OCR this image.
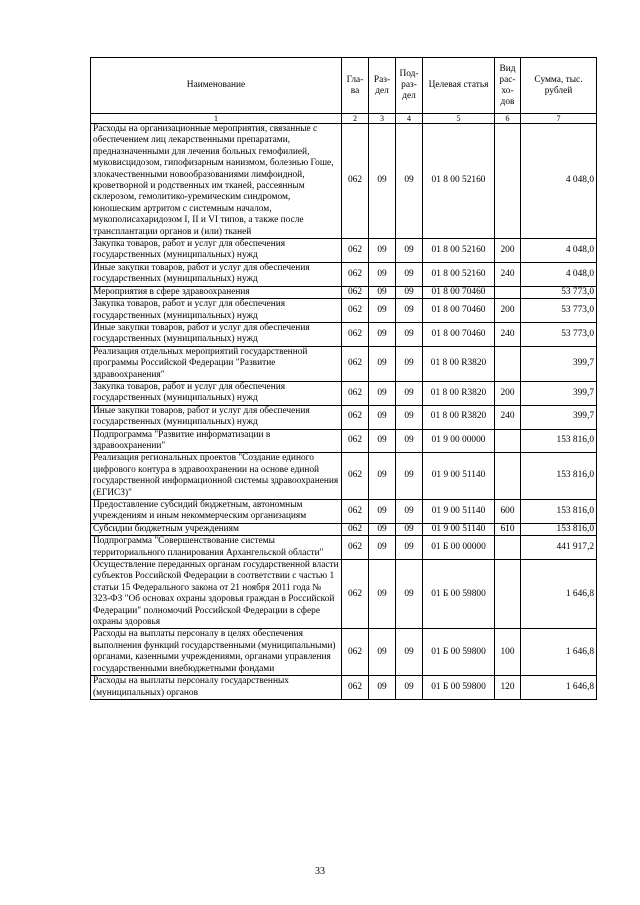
Наименование	Гла-ва	Раз-дел	Под-раз-дел	Целевая статья	Вид рас-хо-дов	Сумма, тыс. рублей
1	2	3	4	5	6	7
Расходы на организационные мероприятия, связанные с обеспечением лиц лекарственными препаратами, предназначенными для лечения больных гемофилией, муковисцидозом, гипофизарным нанизмом, болезнью Гоше, злокачественными новообразованиями лимфоидной, кроветворной и родственных им тканей, рассеянным склерозом, гемолитико-уремическим синдромом, юношеским артритом с системным началом, мукополисахаридозом I, II и VI типов, а также после трансплантации органов и (или) тканей	062	09	09	01 8 00 52160		4 048,0
Закупка товаров, работ и услуг для обеспечения государственных (муниципальных) нужд	062	09	09	01 8 00 52160	200	4 048,0
Иные закупки товаров, работ и услуг для обеспечения государственных (муниципальных) нужд	062	09	09	01 8 00 52160	240	4 048,0
Мероприятия в сфере здравоохранения	062	09	09	01 8 00 70460		53 773,0
Закупка товаров, работ и услуг для обеспечения государственных (муниципальных) нужд	062	09	09	01 8 00 70460	200	53 773,0
Иные закупки товаров, работ и услуг для обеспечения государственных (муниципальных) нужд	062	09	09	01 8 00 70460	240	53 773,0
Реализация отдельных мероприятий государственной программы Российской Федерации "Развитие здравоохранения"	062	09	09	01 8 00 R3820		399,7
Закупка товаров, работ и услуг для обеспечения государственных (муниципальных) нужд	062	09	09	01 8 00 R3820	200	399,7
Иные закупки товаров, работ и услуг для обеспечения государственных (муниципальных) нужд	062	09	09	01 8 00 R3820	240	399,7
Подпрограмма "Развитие информатизации в здравоохранении"	062	09	09	01 9 00 00000		153 816,0
Реализация региональных проектов "Создание единого цифрового контура в здравоохранении на основе единой государственной информационной системы здравоохранения (ЕГИСЗ)"	062	09	09	01 9 00 51140		153 816,0
Предоставление субсидий бюджетным, автономным учреждениям и иным некоммерческим организациям	062	09	09	01 9 00 51140	600	153 816,0
Субсидии бюджетным учреждениям	062	09	09	01 9 00 51140	610	153 816,0
Подпрограмма "Совершенствование системы территориального планирования Архангельской области"	062	09	09	01 Б 00 00000		441 917,2
Осуществление переданных органам государственной власти субъектов Российской Федерации в соответствии с частью 1 статьи 15 Федерального закона от 21 ноября 2011 года № 323-ФЗ "Об основах охраны здоровья граждан в Российской Федерации" полномочий Российской Федерации в сфере охраны здоровья	062	09	09	01 Б 00 59800		1 646,8
Расходы на выплаты персоналу в целях обеспечения выполнения функций государственными (муниципальными) органами, казенными учреждениями, органами управления государственными внебюджетными фондами	062	09	09	01 Б 00 59800	100	1 646,8
Расходы на выплаты персоналу государственных (муниципальных) органов	062	09	09	01 Б 00 59800	120	1 646,8
33
